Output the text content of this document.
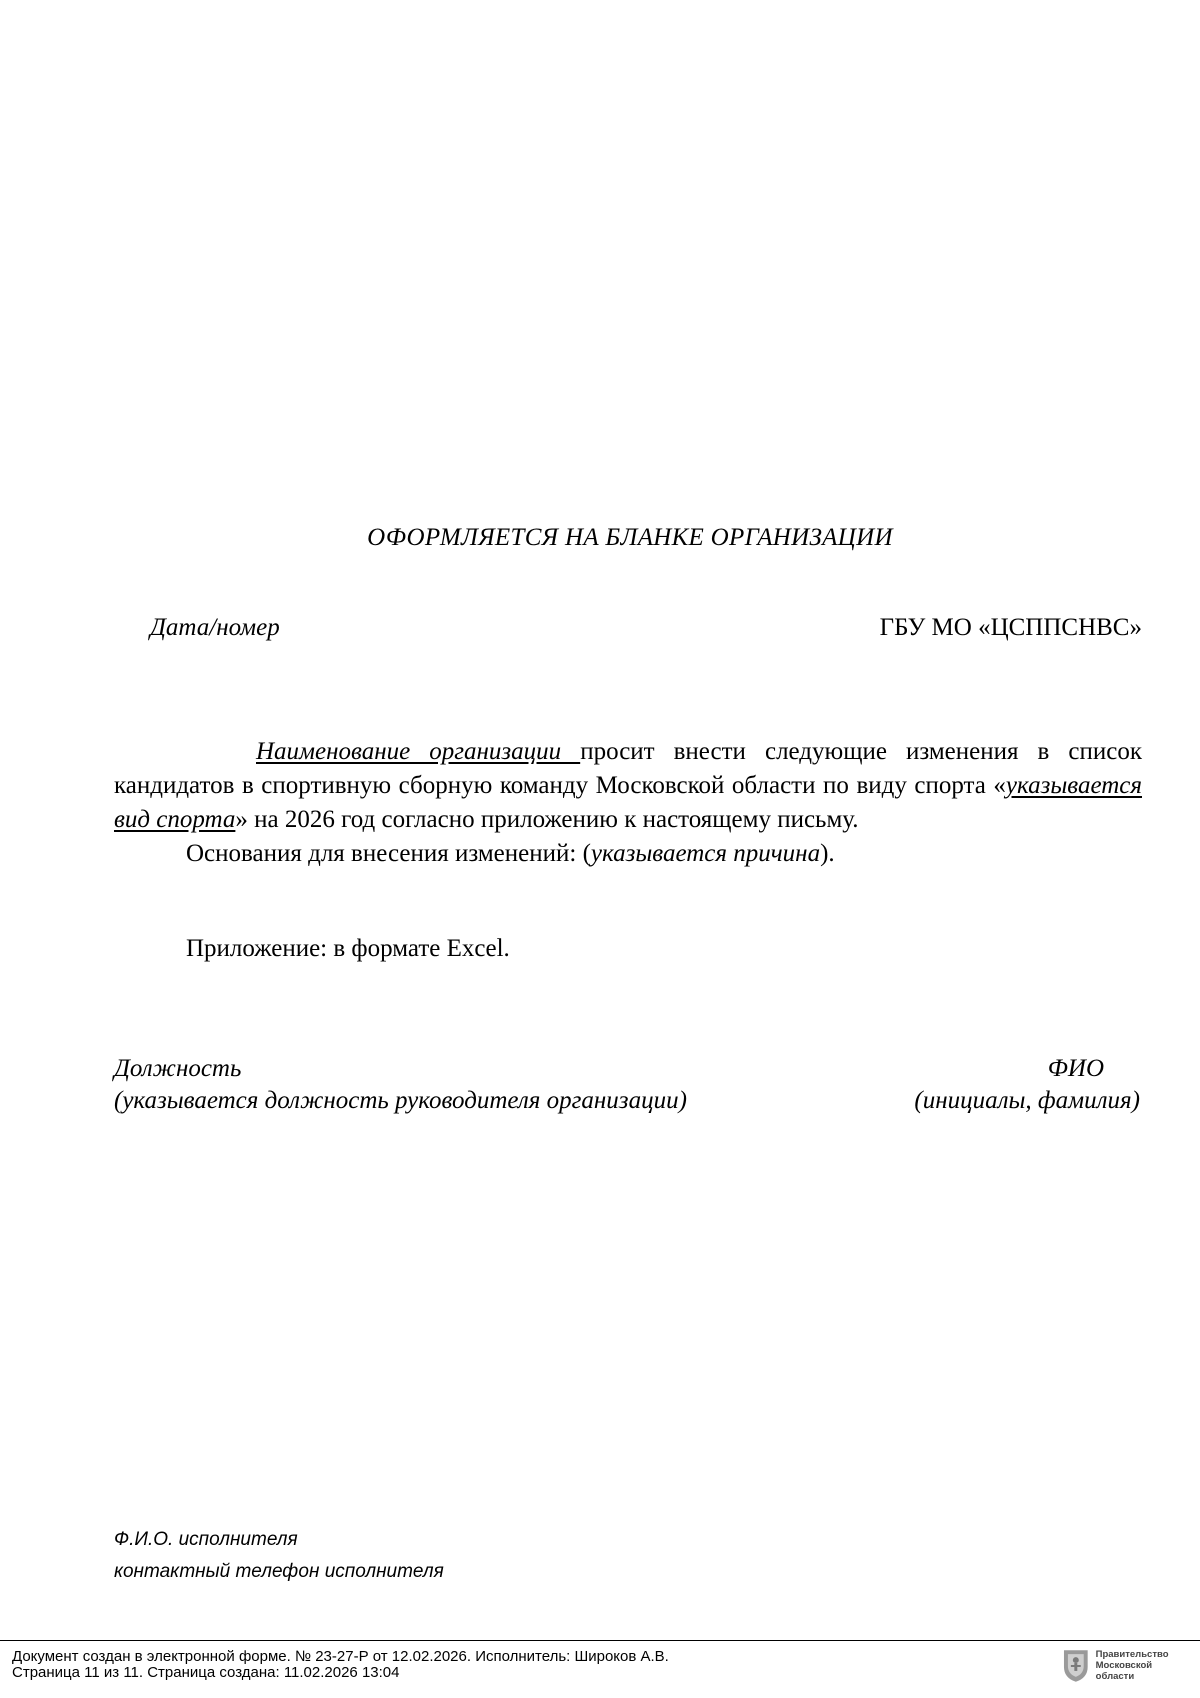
ОФОРМЛЯЕТСЯ НА БЛАНКЕ ОРГАНИЗАЦИИ
Дата/номер	ГБУ МО «ЦСППСНВС»

Наименование организации просит внести следующие изменения в список кандидатов в спортивную сборную команду Московской области по виду спорта «указывается вид спорта» на 2026 год согласно приложению к настоящему письму.

Основания для внесения изменений: (указывается причина).

Приложение: в формате Excel.
Должность
(указывается должность руководителя организации)
ФИО
(инициалы, фамилия)
Ф.И.О. исполнителя
контактный телефон исполнителя
Документ создан в электронной форме. № 23-27-Р от 12.02.2026. Исполнитель: Широков А.В.
Страница 11 из 11. Страница создана: 11.02.2026 13:04
Правительство
Московской области
